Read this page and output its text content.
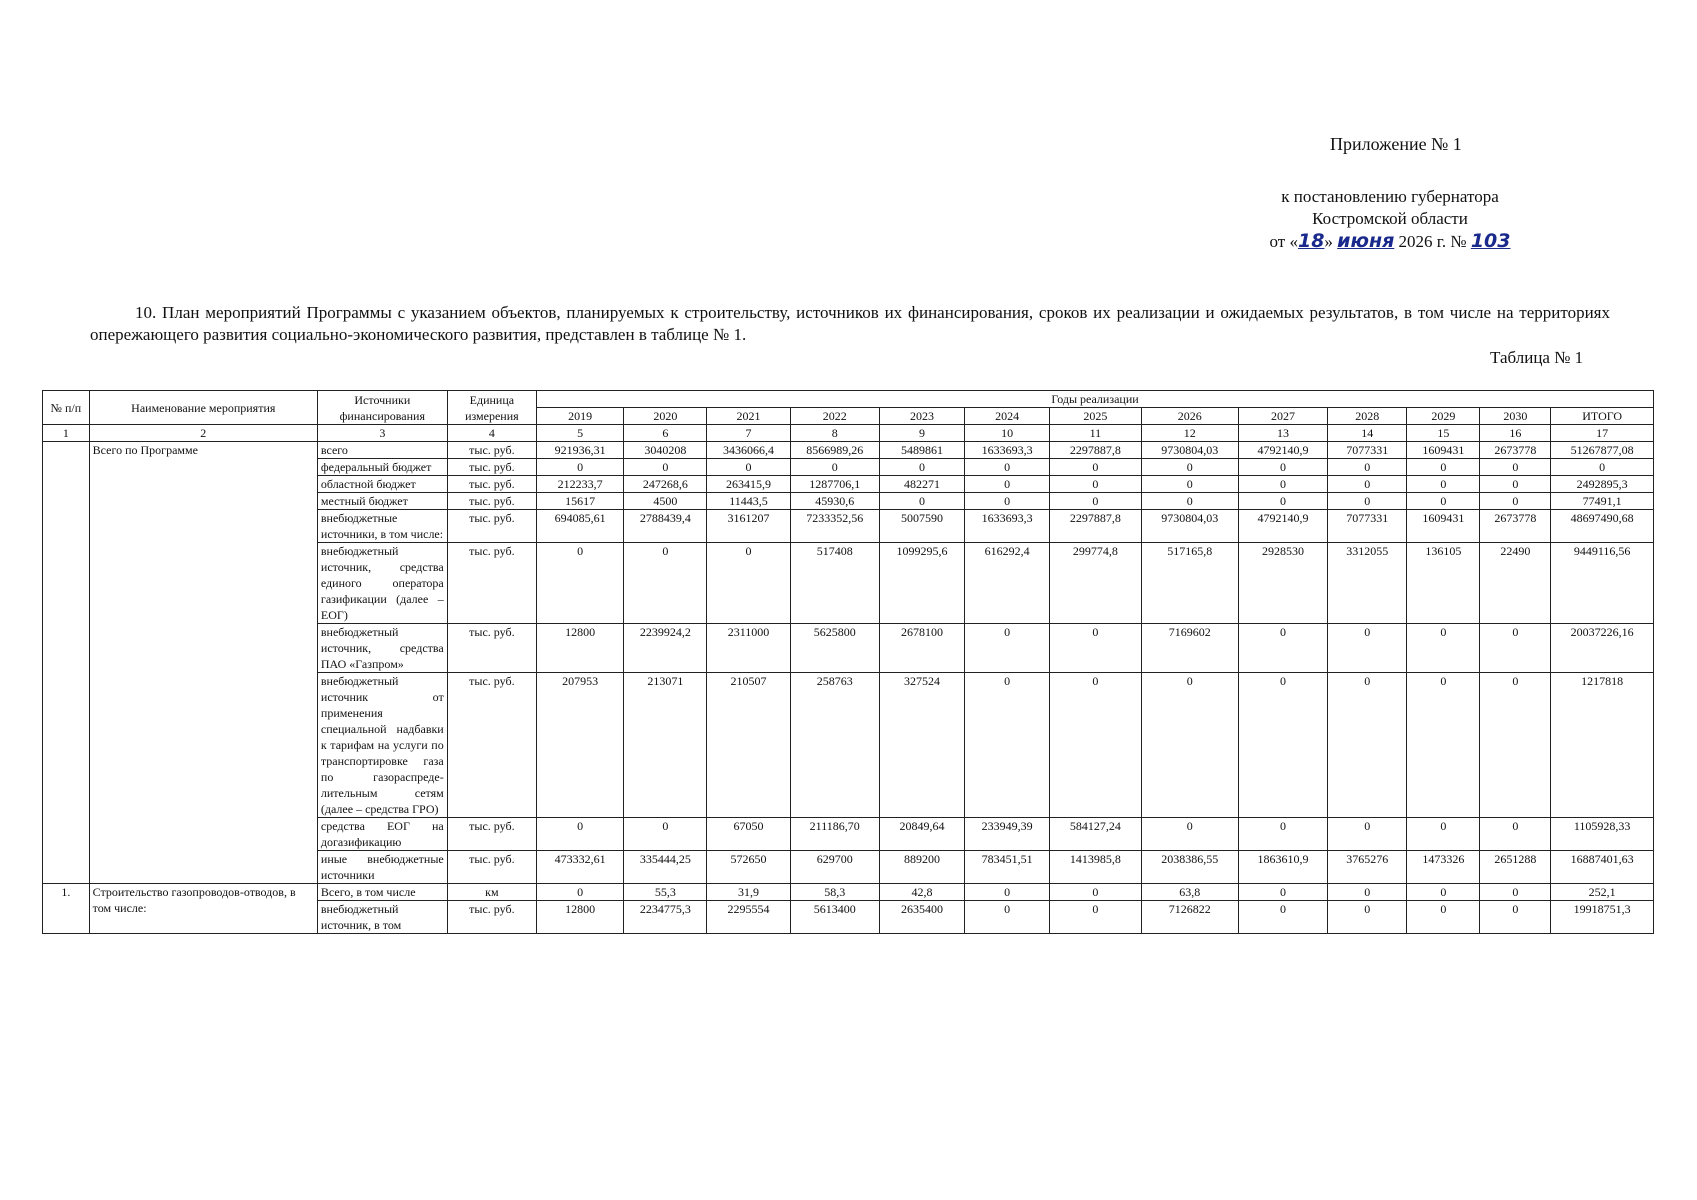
Приложение № 1
к постановлению губернатора
Костромской области
от «18» июня 2026 г. № 103
10. План мероприятий Программы с указанием объектов, планируемых к строительству, источников их финансирования, сроков их реализации и ожидаемых результатов, в том числе на территориях опережающего развития социально-экономического развития, представлен в таблице № 1.
Таблица № 1
№ п/п	Наименование мероприятия	Источники финансирования	Единица измерения	Годы реализации												
				2019	2020	2021	2022	2023	2024	2025	2026	2027	2028	2029	2030	ИТОГО
1	2	3	4	5	6	7	8	9	10	11	12	13	14	15	16	17
	Всего по Программе	всего	тыс. руб.	921936,31	3040208	3436066,4	8566989,26	5489861	1633693,3	2297887,8	9730804,03	4792140,9	7077331	1609431	2673778	51267877,08
		федеральный бюджет	тыс. руб.	0	0	0	0	0	0	0	0	0	0	0	0	0
		областной бюджет	тыс. руб.	212233,7	247268,6	263415,9	1287706,1	482271	0	0	0	0	0	0	0	2492895,3
		местный бюджет	тыс. руб.	15617	4500	11443,5	45930,6	0	0	0	0	0	0	0	0	77491,1
		внебюджетные источники, в том числе:	тыс. руб.	694085,61	2788439,4	3161207	7233352,56	5007590	1633693,3	2297887,8	9730804,03	4792140,9	7077331	1609431	2673778	48697490,68
		внебюджетный источник, средства единого оператора газификации (далее – ЕОГ)	тыс. руб.	0	0	0	517408	1099295,6	616292,4	299774,8	517165,8	2928530	3312055	136105	22490	9449116,56
		внебюджетный источник, средства ПАО «Газпром»	тыс. руб.	12800	2239924,2	2311000	5625800	2678100	0	0	7169602	0	0	0	0	20037226,16
		внебюджетный источник от применения специальной надбавки к тарифам на услуги по транспортировке газа по газораспреде-лительным сетям (далее – средства ГРО)	тыс. руб.	207953	213071	210507	258763	327524	0	0	0	0	0	0	0	1217818
		средства ЕОГ на догазификацию	тыс. руб.	0	0	67050	211186,70	20849,64	233949,39	584127,24	0	0	0	0	0	1105928,33
		иные внебюджетные источники	тыс. руб.	473332,61	335444,25	572650	629700	889200	783451,51	1413985,8	2038386,55	1863610,9	3765276	1473326	2651288	16887401,63
1.	Строительство газопроводов-отводов, в том числе:	Всего, в том числе	км	0	55,3	31,9	58,3	42,8	0	0	63,8	0	0	0	0	252,1
		внебюджетный источник, в том	тыс. руб.	12800	2234775,3	2295554	5613400	2635400	0	0	7126822	0	0	0	0	19918751,3
